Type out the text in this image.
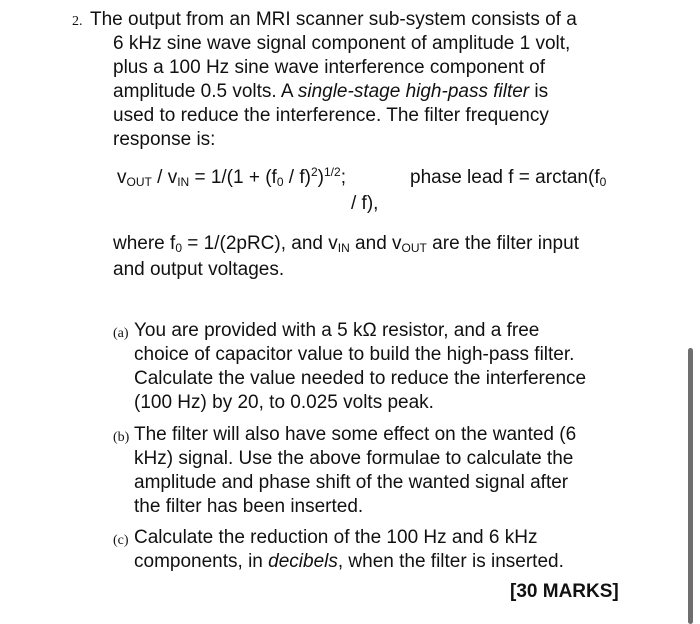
2. The output from an MRI scanner sub-system consists of a
6 kHz sine wave signal component of amplitude 1 volt,
plus a 100 Hz sine wave interference component of
amplitude 0.5 volts. A single-stage high-pass filter is
used to reduce the interference. The filter frequency
response is:
$v_{OUT} / v_{IN} = 1/(1 + (f_0 / f)^2)^{1/2}$;	phase lead $f = \arctan(f_0$
/ f),
where $f_0 = 1/(2pRC)$, and $v_{IN}$ and $v_{OUT}$ are the filter input
and output voltages.
(a) You are provided with a 5 kΩ resistor, and a free
choice of capacitor value to build the high-pass filter.
Calculate the value needed to reduce the interference
(100 Hz) by 20, to 0.025 volts peak.
(b) The filter will also have some effect on the wanted (6
kHz) signal. Use the above formulae to calculate the
amplitude and phase shift of the wanted signal after
the filter has been inserted.
(c) Calculate the reduction of the 100 Hz and 6 kHz
components, in decibels, when the filter is inserted.
[30 MARKS]
